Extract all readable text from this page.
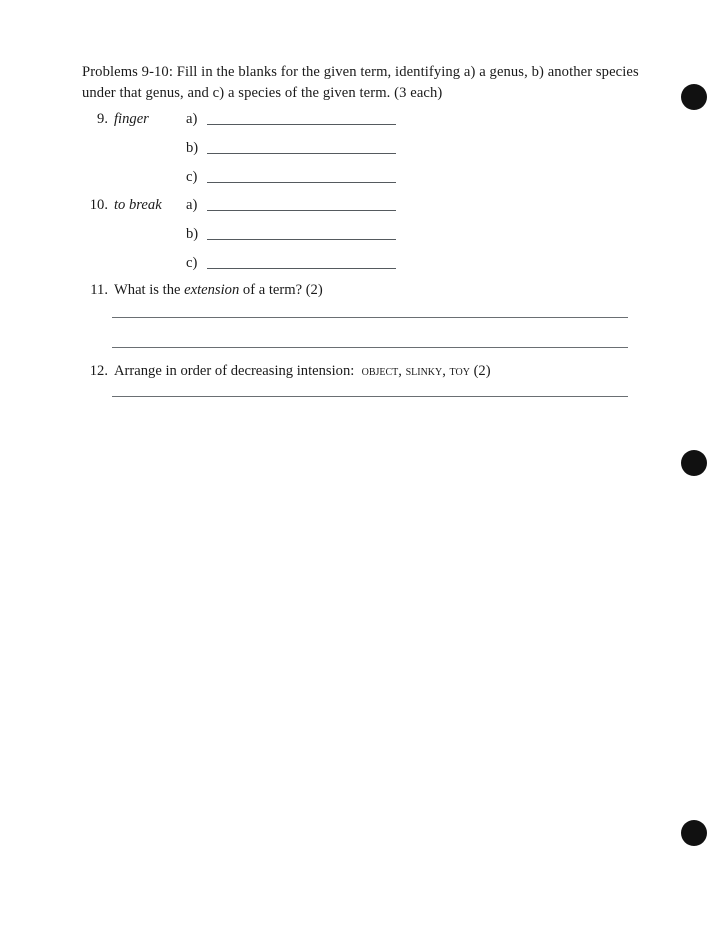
Problems 9-10: Fill in the blanks for the given term, identifying a) a genus, b) another species under that genus, and c) a species of the given term. (3 each)
9. finger	a)
b)
c)
10. to break a)
b)
c)
11. What is the extension of a term? (2)
12. Arrange in order of decreasing intension:  object, slinky, toy (2)
